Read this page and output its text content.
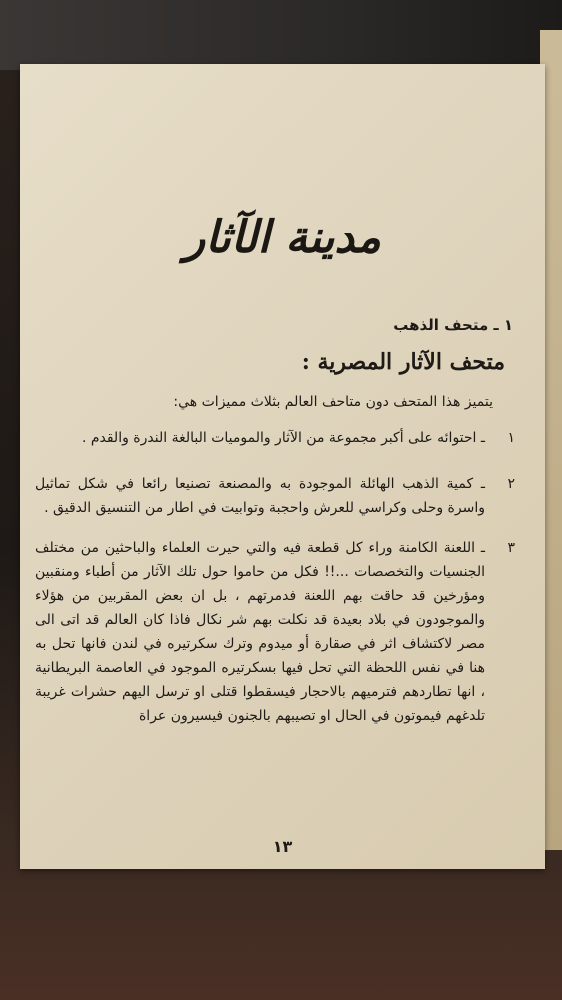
مدينة الآثار
١ ـ متحف الذهب
متحف الآثار المصرية :
يتميز هذا المتحف دون متاحف العالم بثلاث مميزات هي:
١
ـ احتوائه على أكبر مجموعة من الآثار والموميات البالغة الندرة والقدم .
٢
ـ كمية الذهب الهائلة الموجودة به والمصنعة تصنيعا رائعا في شكل تماثيل واسرة وحلى وكراسي للعرش واحجبة وتوابيت في اطار من التنسيق الدقيق .
٣
ـ اللعنة الكامنة وراء كل قطعة فيه والتي حيرت العلماء والباحثين من مختلف الجنسيات والتخصصات ...!! فكل من حاموا حول تلك الآثار من أطباء ومنقبين ومؤرخين قد حاقت بهم اللعنة فدمرتهم ، بل ان بعض المقربين من هؤلاء والموجودون في بلاد بعيدة قد نكلت بهم شر نكال فاذا كان العالم قد اتى الى مصر لاكتشاف اثر في صقارة أو ميدوم وترك سكرتيره في لندن فانها تحل به هنا في نفس اللحظة التي تحل فيها بسكرتيره الموجود في العاصمة البريطانية ، انها تطاردهم فترميهم بالاحجار فيسقطوا قتلى او ترسل اليهم حشرات غريبة تلدغهم فيموتون في الحال او تصيبهم بالجنون فيسيرون عراة
١٣
